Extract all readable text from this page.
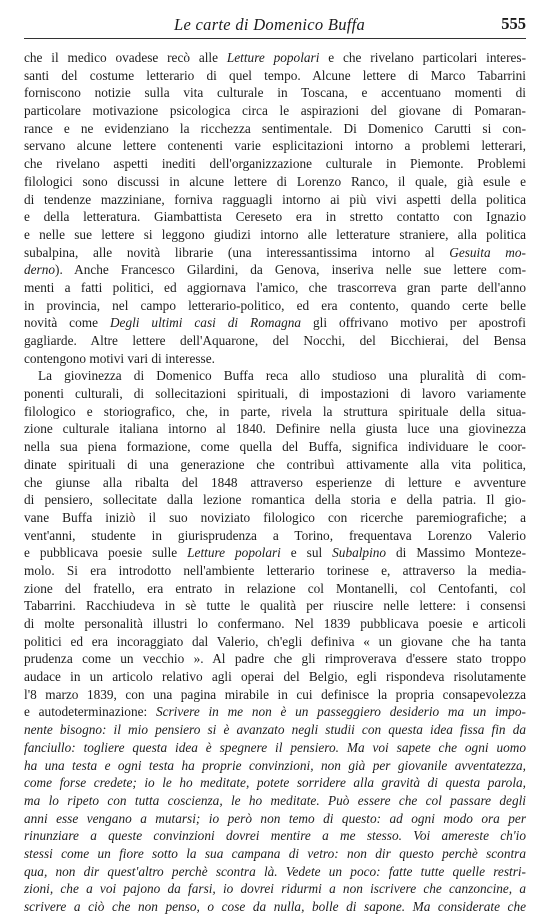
Le carte di Domenico Buffa	555
che il medico ovadese recò alle Letture popolari e che rivelano particolari interes-
santi del costume letterario di quel tempo. Alcune lettere di Marco Tabarrini
forniscono notizie sulla vita culturale in Toscana, e accentuano momenti di
particolare motivazione psicologica circa le aspirazioni del giovane di Pomaran-
rance e ne evidenziano la ricchezza sentimentale. Di Domenico Carutti si con-
servano alcune lettere contenenti varie esplicitazioni intorno a problemi letterari,
che rivelano aspetti inediti dell'organizzazione culturale in Piemonte. Problemi
filologici sono discussi in alcune lettere di Lorenzo Ranco, il quale, già esule e
di tendenze mazziniane, forniva ragguagli intorno ai più vivi aspetti della politica
e della letteratura. Giambattista Cereseto era in stretto contatto con Ignazio
e nelle sue lettere si leggono giudizi intorno alle letterature straniere, alla politica
subalpina, alle novità librarie (una interessantissima intorno al Gesuita mo-
derno). Anche Francesco Gilardini, da Genova, inseriva nelle sue lettere com-
menti a fatti politici, ed aggiornava l'amico, che trascorreva gran parte dell'anno
in provincia, nel campo letterario-politico, ed era contento, quando certe belle
novità come Degli ultimi casi di Romagna gli offrivano motivo per apostrofi
gagliarde. Altre lettere dell'Aquarone, del Nocchi, del Bicchierai, del Bensa
contengono motivi vari di interesse.
La giovinezza di Domenico Buffa reca allo studioso una pluralità di com-
ponenti culturali, di sollecitazioni spirituali, di impostazioni di lavoro variamente
filologico e storiografico, che, in parte, rivela la struttura spirituale della situa-
zione culturale italiana intorno al 1840. Definire nella giusta luce una giovinezza
nella sua piena formazione, come quella del Buffa, significa individuare le coor-
dinate spirituali di una generazione che contribuì attivamente alla vita politica,
che giunse alla ribalta del 1848 attraverso esperienze di letture e avventure
di pensiero, sollecitate dalla lezione romantica della storia e della patria. Il gio-
vane Buffa iniziò il suo noviziato filologico con ricerche paremiografiche; a
vent'anni, studente in giurisprudenza a Torino, frequentava Lorenzo Valerio
e pubblicava poesie sulle Letture popolari e sul Subalpino di Massimo Monteze-
molo. Si era introdotto nell'ambiente letterario torinese e, attraverso la media-
zione del fratello, era entrato in relazione col Montanelli, col Centofanti, col
Tabarrini. Racchiudeva in sè tutte le qualità per riuscire nelle lettere: i consensi
di molte personalità illustri lo confermano. Nel 1839 pubblicava poesie e articoli
politici ed era incoraggiato dal Valerio, ch'egli definiva « un giovane che ha tanta
prudenza come un vecchio ». Al padre che gli rimproverava d'essere stato troppo
audace in un articolo relativo agli operai del Belgio, egli rispondeva risolutamente
l'8 marzo 1839, con una pagina mirabile in cui definisce la propria consapevolezza
e autodeterminazione: Scrivere in me non è un passeggiero desiderio ma un impo-
nente bisogno: il mio pensiero si è avanzato negli studii con questa idea fissa fin da
fanciullo: togliere questa idea è spegnere il pensiero. Ma voi sapete che ogni uomo
ha una testa e ogni testa ha proprie convinzioni, non già per giovanile avventatezza,
come forse credete; io le ho meditate, potete sorridere alla gravità di questa parola,
ma lo ripeto con tutta coscienza, le ho meditate. Può essere che col passare degli
anni esse vengano a mutarsi; io però non temo di questo: ad ogni modo ora per
rinunziare a queste convinzioni dovrei mentire a me stesso. Voi amereste ch'io
stessi come un fiore sotto la sua campana di vetro: non dir questo perchè scontra
qua, non dir quest'altro perchè scontra là. Vedete un poco: fatte tutte quelle restri-
zioni, che a voi pajono da farsi, io dovrei ridurmi a non iscrivere che canzoncine, a
scrivere a ciò che non penso, o cose da nulla, bolle di sapone. Ma considerate che
